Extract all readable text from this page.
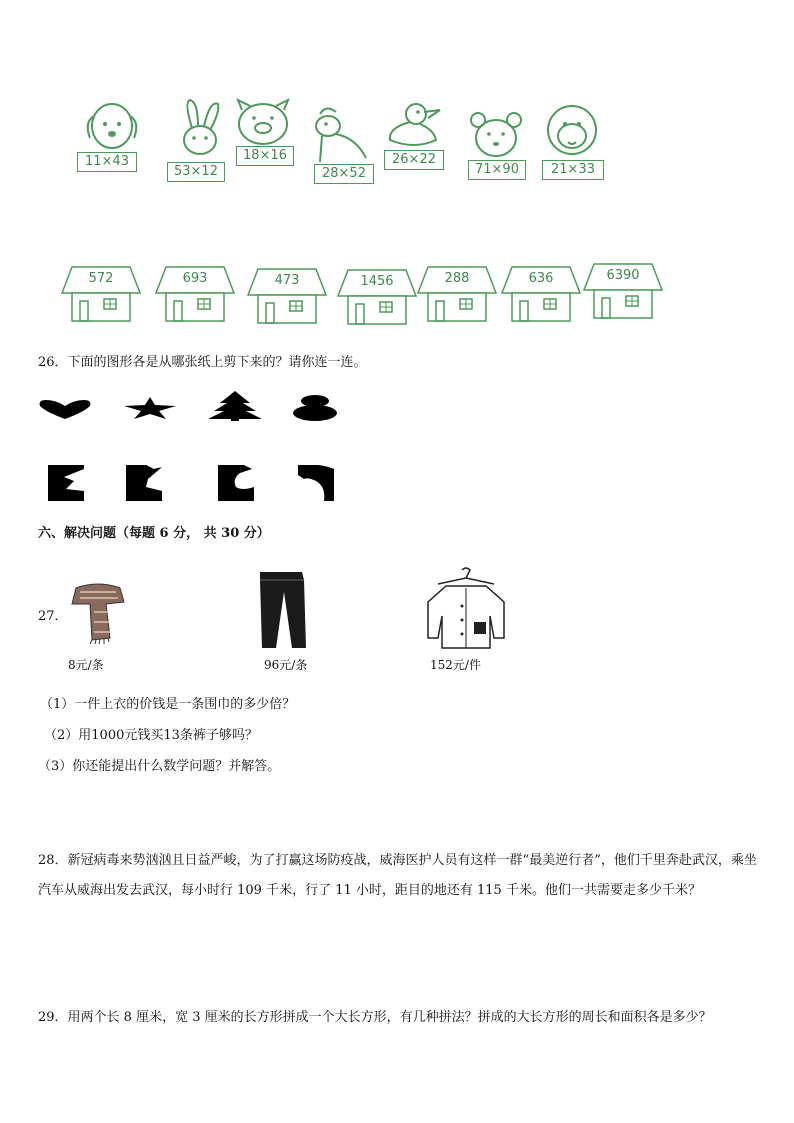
11×43
53×12
18×16
28×52
26×22
71×90	21×33
572	693	473	1456	288	636	6390
26．下面的图形各是从哪张纸上剪下来的？请你连一连。
六、解决问题（每题 6 分， 共 30 分）
27．
8元/条	96元/条	152元/件
（1）一件上衣的价钱是一条围巾的多少倍？
（2）用1000元钱买13条裤子够吗？
（3）你还能提出什么数学问题？并解答。
28．新冠病毒来势汹汹且日益严峻，为了打赢这场防疫战，威海医护人员有这样一群“最美逆行者”，他们千里奔赴武汉，乘坐汽车从威海出发去武汉，每小时行 109 千米，行了 11 小时，距目的地还有 115 千米。他们一共需要走多少千米？
29．用两个长 8 厘米，宽 3 厘米的长方形拼成一个大长方形，有几种拼法？拼成的大长方形的周长和面积各是多少？
